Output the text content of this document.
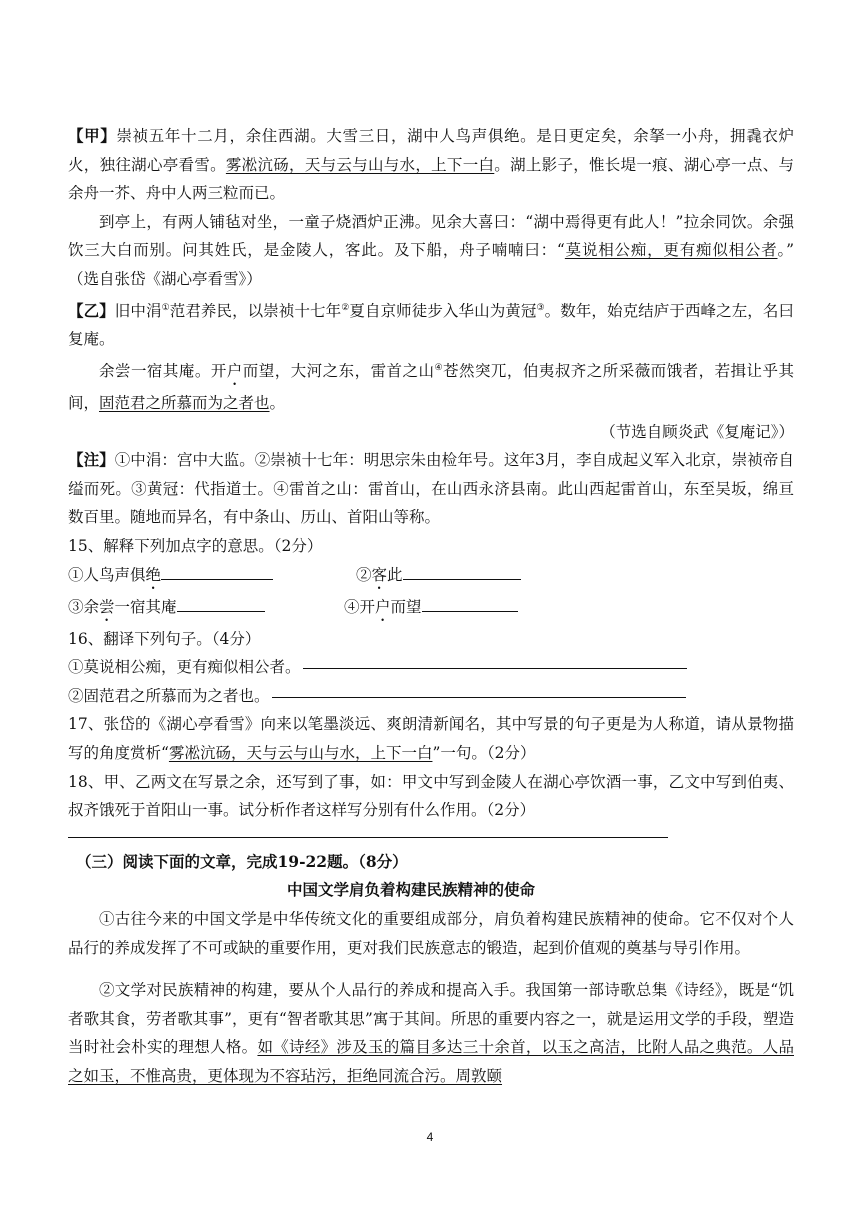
【甲】崇祯五年十二月，余住西湖。大雪三日，湖中人鸟声俱绝。是日更定矣，余拏一小舟，拥毳衣炉火，独往湖心亭看雪。雾凇沆砀，天与云与山与水，上下一白。湖上影子，惟长堤一痕、湖心亭一点、与余舟一芥、舟中人两三粒而已。

到亭上，有两人铺毡对坐，一童子烧酒炉正沸。见余大喜曰：“湖中焉得更有此人！”拉余同饮。余强饮三大白而别。问其姓氏，是金陵人，客此。及下船，舟子喃喃曰：“莫说相公痴，更有痴似相公者。”　　（选自张岱《湖心亭看雪》）

【乙】旧中涓①范君养民，以崇祯十七年②夏自京师徒步入华山为黄冠③。数年，始克结庐于西峰之左，名曰复庵。

余尝一宿其庵。开户而望，大河之东，雷首之山④苍然突兀，伯夷叔齐之所采薇而饿者，若揖让乎其间，固范君之所慕而为之者也。

（节选自顾炎武《复庵记》）

【注】①中涓：宫中大监。②崇祯十七年：明思宗朱由检年号。这年3月，李自成起义军入北京，崇祯帝自缢而死。③黄冠：代指道士。④雷首之山：雷首山，在山西永济县南。此山西起雷首山，东至吴坂，绵亘数百里。随地而异名，有中条山、历山、首阳山等称。

15、解释下列加点字的意思。（2分）

①人鸟声俱绝	②客此
③余尝一宿其庵	④开户而望

16、翻译下列句子。（4分）

①莫说相公痴，更有痴似相公者。
②固范君之所慕而为之者也。

17、张岱的《湖心亭看雪》向来以笔墨淡远、爽朗清新闻名，其中写景的句子更是为人称道，请从景物描写的角度赏析“雾凇沆砀，天与云与山与水，上下一白”一句。（2分）

18、甲、乙两文在写景之余，还写到了事，如：甲文中写到金陵人在湖心亭饮酒一事，乙文中写到伯夷、叔齐饿死于首阳山一事。试分析作者这样写分别有什么作用。（2分）

（三）阅读下面的文章，完成19-22题。（8分）

中国文学肩负着构建民族精神的使命

①古往今来的中国文学是中华传统文化的重要组成部分，肩负着构建民族精神的使命。它不仅对个人品行的养成发挥了不可或缺的重要作用，更对我们民族意志的锻造，起到价值观的奠基与导引作用。

②文学对民族精神的构建，要从个人品行的养成和提高入手。我国第一部诗歌总集《诗经》，既是“饥者歌其食，劳者歌其事”，更有“智者歌其思”寓于其间。所思的重要内容之一，就是运用文学的手段，塑造当时社会朴实的理想人格。如《诗经》涉及玉的篇目多达三十余首，以玉之高洁，比附人品之典范。人品之如玉，不惟高贵，更体现为不容玷污，拒绝同流合污。周敦颐

4
